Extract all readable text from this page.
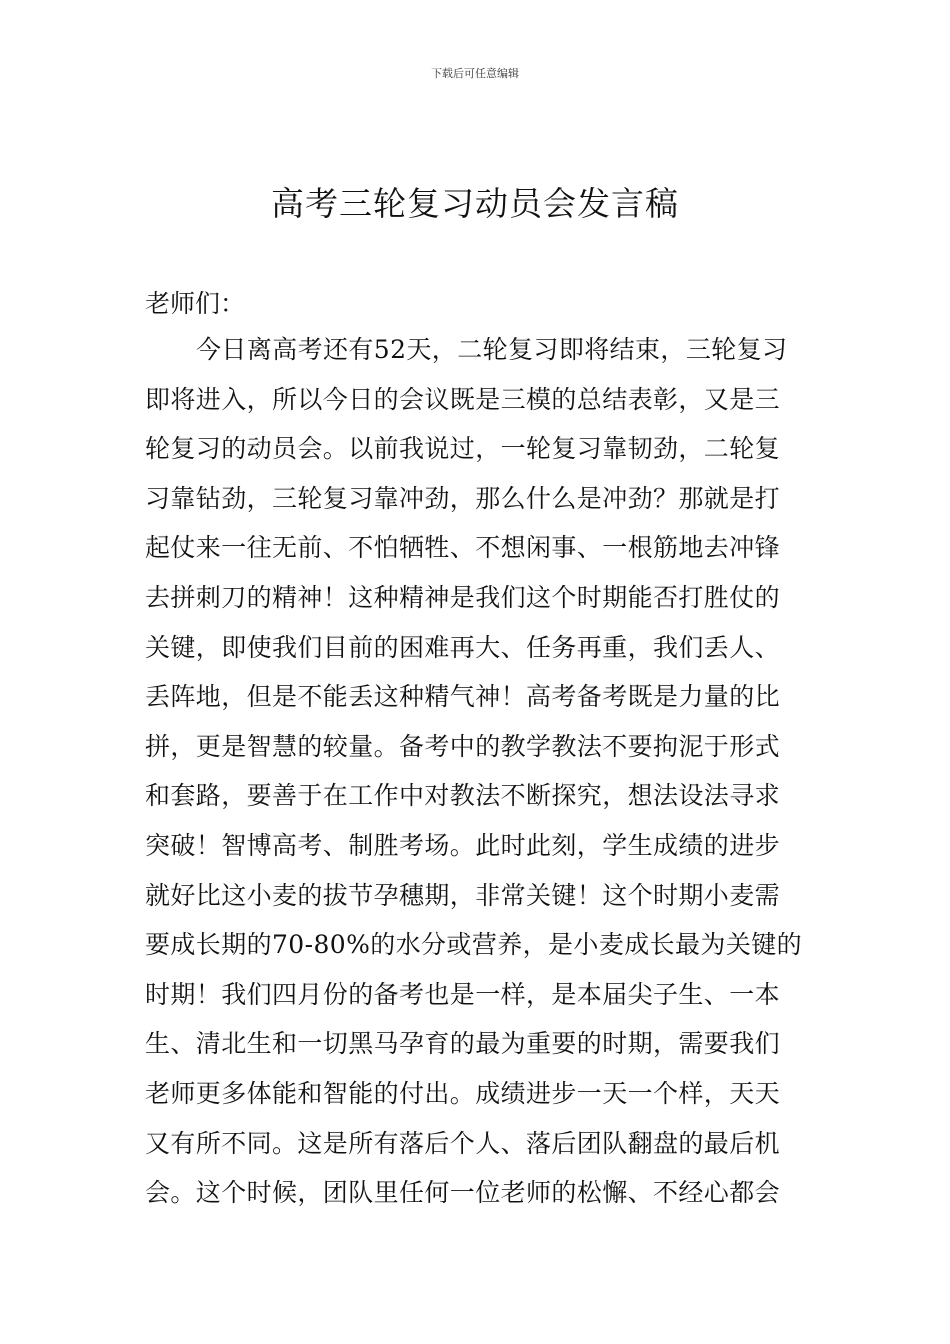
下载后可任意编辑
高考三轮复习动员会发言稿
老师们：
今日离高考还有52天，二轮复习即将结束，三轮复习
即将进入，所以今日的会议既是三模的总结表彰，又是三
轮复习的动员会。以前我说过，一轮复习靠韧劲，二轮复
习靠钻劲，三轮复习靠冲劲，那么什么是冲劲？那就是打
起仗来一往无前、不怕牺牲、不想闲事、一根筋地去冲锋
去拼刺刀的精神！这种精神是我们这个时期能否打胜仗的
关键，即使我们目前的困难再大、任务再重，我们丢人、
丢阵地，但是不能丢这种精气神！高考备考既是力量的比
拼，更是智慧的较量。备考中的教学教法不要拘泥于形式
和套路，要善于在工作中对教法不断探究，想法设法寻求
突破！智博高考、制胜考场。此时此刻，学生成绩的进步
就好比这小麦的拔节孕穗期，非常关键！这个时期小麦需
要成长期的70-80%的水分或营养，是小麦成长最为关键的
时期！我们四月份的备考也是一样，是本届尖子生、一本
生、清北生和一切黑马孕育的最为重要的时期，需要我们
老师更多体能和智能的付出。成绩进步一天一个样，天天
又有所不同。这是所有落后个人、落后团队翻盘的最后机
会。这个时候，团队里任何一位老师的松懈、不经心都会
